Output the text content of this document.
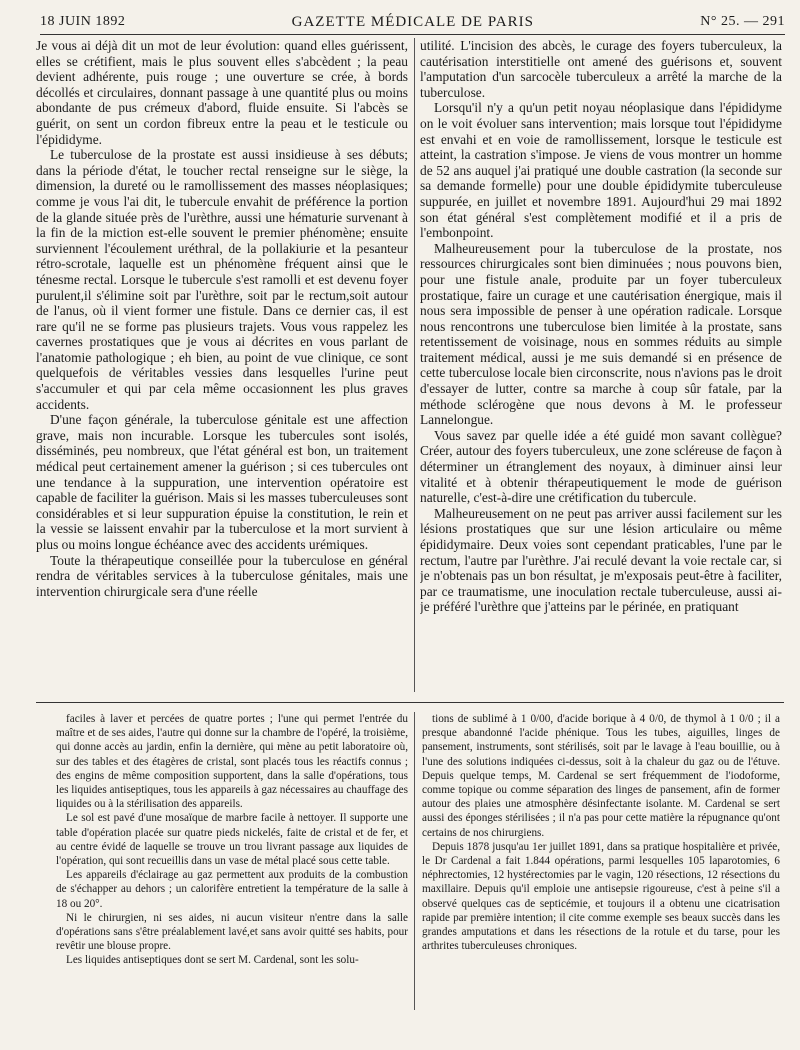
18 JUIN 1892	GAZETTE MÉDICALE DE PARIS	N° 25. — 291

Je vous ai déjà dit un mot de leur évolution: quand elles guérissent, elles se crétifient, mais le plus souvent elles s'abcèdent ; la peau devient adhérente, puis rouge ; une ouverture se crée, à bords décollés et circulaires, donnant passage à une quantité plus ou moins abondante de pus crémeux d'abord, fluide ensuite. Si l'abcès se guérit, on sent un cordon fibreux entre la peau et le testicule ou l'épididyme.

Le tuberculose de la prostate est aussi insidieuse à ses débuts; dans la période d'état, le toucher rectal renseigne sur le siège, la dimension, la dureté ou le ramollissement des masses néoplasiques; comme je vous l'ai dit, le tubercule envahit de préférence la portion de la glande située près de l'urèthre, aussi une hématurie survenant à la fin de la miction est-elle souvent le premier phénomène; ensuite surviennent l'écoulement uréthral, de la pollakiurie et la pesanteur rétro-scrotale, laquelle est un phénomène fréquent ainsi que le ténesme rectal. Lorsque le tubercule s'est ramolli et est devenu foyer purulent,il s'élimine soit par l'urèthre, soit par le rectum,soit autour de l'anus, où il vient former une fistule. Dans ce dernier cas, il est rare qu'il ne se forme pas plusieurs trajets. Vous vous rappelez les cavernes prostatiques que je vous ai décrites en vous parlant de l'anatomie pathologique ; eh bien, au point de vue clinique, ce sont quelquefois de véritables vessies dans lesquelles l'urine peut s'accumuler et qui par cela même occasionnent les plus graves accidents.

D'une façon générale, la tuberculose génitale est une affection grave, mais non incurable. Lorsque les tubercules sont isolés, disséminés, peu nombreux, que l'état général est bon, un traitement médical peut certainement amener la guérison ; si ces tubercules ont une tendance à la suppuration, une intervention opératoire est capable de faciliter la guérison. Mais si les masses tuberculeuses sont considérables et si leur suppuration épuise la constitution, le rein et la vessie se laissent envahir par la tuberculose et la mort survient à plus ou moins longue échéance avec des accidents urémiques.

Toute la thérapeutique conseillée pour la tuberculose en général rendra de véritables services à la tuberculose génitales, mais une intervention chirurgicale sera d'une réelle

utilité. L'incision des abcès, le curage des foyers tuberculeux, la cautérisation interstitielle ont amené des guérisons et, souvent l'amputation d'un sarcocèle tuberculeux a arrêté la marche de la tuberculose.

Lorsqu'il n'y a qu'un petit noyau néoplasique dans l'épididyme on le voit évoluer sans intervention; mais lorsque tout l'épididyme est envahi et en voie de ramollissement, lorsque le testicule est atteint, la castration s'impose. Je viens de vous montrer un homme de 52 ans auquel j'ai pratiqué une double castration (la seconde sur sa demande formelle) pour une double épididymite tuberculeuse suppurée, en juillet et novembre 1891. Aujourd'hui 29 mai 1892 son état général s'est complètement modifié et il a pris de l'embonpoint.

Malheureusement pour la tuberculose de la prostate, nos ressources chirurgicales sont bien diminuées ; nous pouvons bien, pour une fistule anale, produite par un foyer tuberculeux prostatique, faire un curage et une cautérisation énergique, mais il nous sera impossible de penser à une opération radicale. Lorsque nous rencontrons une tuberculose bien limitée à la prostate, sans retentissement de voisinage, nous en sommes réduits au simple traitement médical, aussi je me suis demandé si en présence de cette tuberculose locale bien circonscrite, nous n'avions pas le droit d'essayer de lutter, contre sa marche à coup sûr fatale, par la méthode sclérogène que nous devons à M. le professeur Lannelongue.

Vous savez par quelle idée a été guidé mon savant collègue? Créer, autour des foyers tuberculeux, une zone scléreuse de façon à déterminer un étranglement des noyaux, à diminuer ainsi leur vitalité et à obtenir thérapeutiquement le mode de guérison naturelle, c'est-à-dire une crétification du tubercule.

Malheureusement on ne peut pas arriver aussi facilement sur les lésions prostatiques que sur une lésion articulaire ou même épididymaire. Deux voies sont cependant praticables, l'une par le rectum, l'autre par l'urèthre. J'ai reculé devant la voie rectale car, si je n'obtenais pas un bon résultat, je m'exposais peut-être à faciliter, par ce traumatisme, une inoculation rectale tuberculeuse, aussi ai-je préféré l'urèthre que j'atteins par le périnée, en pratiquant

faciles à laver et percées de quatre portes ; l'une qui permet l'entrée du maître et de ses aides, l'autre qui donne sur la chambre de l'opéré, la troisième, qui donne accès au jardin, enfin la dernière, qui mène au petit laboratoire où, sur des tables et des étagères de cristal, sont placés tous les réactifs connus ; des engins de même composition supportent, dans la salle d'opérations, tous les liquides antiseptiques, tous les appareils à gaz nécessaires au chauffage des liquides ou à la stérilisation des appareils.

Le sol est pavé d'une mosaïque de marbre facile à nettoyer. Il supporte une table d'opération placée sur quatre pieds nickelés, faite de cristal et de fer, et au centre évidé de laquelle se trouve un trou livrant passage aux liquides de l'opération, qui sont recueillis dans un vase de métal placé sous cette table.

Les appareils d'éclairage au gaz permettent aux produits de la combustion de s'échapper au dehors ; un calorifère entretient la température de la salle à 18 ou 20°.

Ni le chirurgien, ni ses aides, ni aucun visiteur n'entre dans la salle d'opérations sans s'être préalablement lavé,et sans avoir quitté ses habits, pour revêtir une blouse propre.

Les liquides antiseptiques dont se sert M. Cardenal, sont les solu-

tions de sublimé à 1 0/00, d'acide borique à 4 0/0, de thymol à 1 0/0 ; il a presque abandonné l'acide phénique. Tous les tubes, aiguilles, linges de pansement, instruments, sont stérilisés, soit par le lavage à l'eau bouillie, ou à l'une des solutions indiquées ci-dessus, soit à la chaleur du gaz ou de l'étuve. Depuis quelque temps, M. Cardenal se sert fréquemment de l'iodoforme, comme topique ou comme séparation des linges de pansement, afin de former autour des plaies une atmosphère désinfectante isolante. M. Cardenal se sert aussi des éponges stérilisées ; il n'a pas pour cette matière la répugnance qu'ont certains de nos chirurgiens.

Depuis 1878 jusqu'au 1er juillet 1891, dans sa pratique hospitalière et privée, le Dr Cardenal a fait 1.844 opérations, parmi lesquelles 105 laparotomies, 6 néphrectomies, 12 hystérectomies par le vagin, 120 résections, 12 résections du maxillaire. Depuis qu'il emploie une antisepsie rigoureuse, c'est à peine s'il a observé quelques cas de septicémie, et toujours il a obtenu une cicatrisation rapide par première intention; il cite comme exemple ses beaux succès dans les grandes amputations et dans les résections de la rotule et du tarse, pour les arthrites tuberculeuses chroniques.
